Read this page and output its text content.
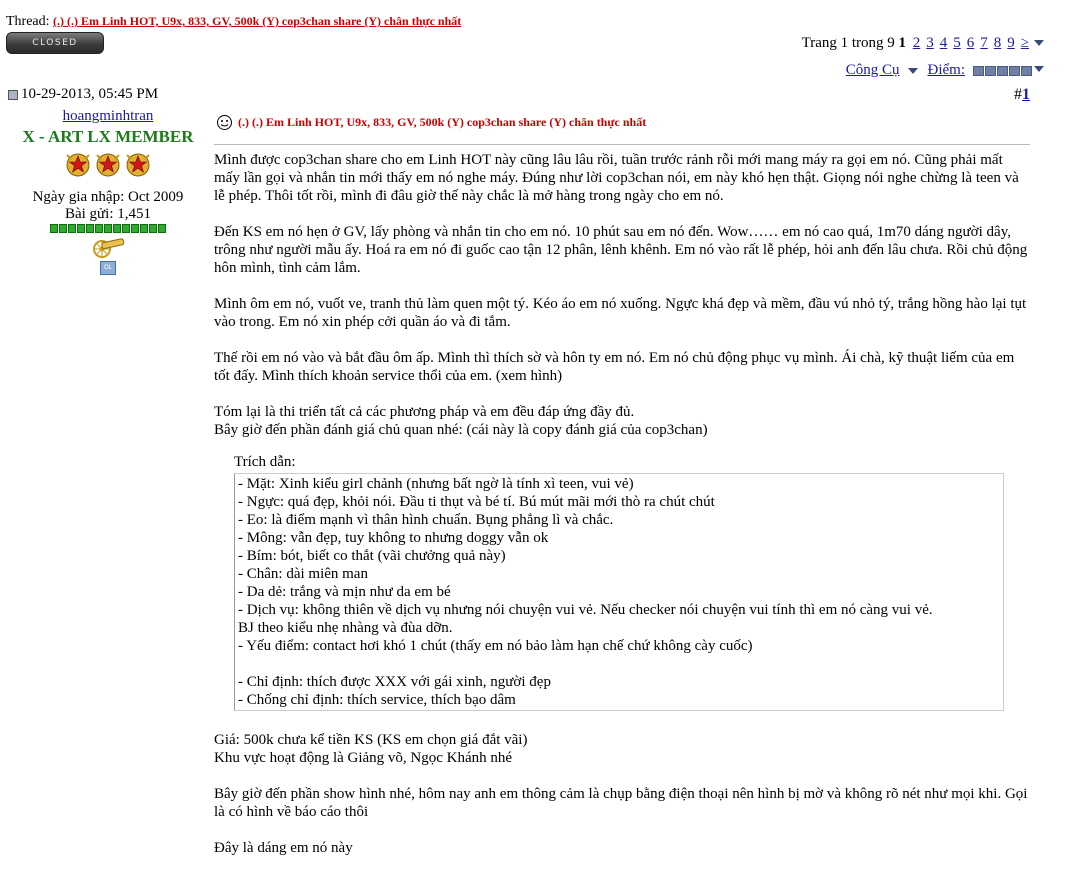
Thread: (.) (.) Em Linh HOT, U9x, 833, GV, 500k (Y) cop3chan share (Y) chân thực nhất
CLOSED	Trang 1 trong 9 1 2 3 4 5 6 7 8 9 ≥
Công Cụ Điểm:
10-29-2013, 05:45 PM	#1
hoangminhtran
X - ART LX MEMBER
Ngày gia nhập: Oct 2009
Bài gửi: 1,451
OL
(.) (.) Em Linh HOT, U9x, 833, GV, 500k (Y) cop3chan share (Y) chân thực nhất

Mình được cop3chan share cho em Linh HOT này cũng lâu lâu rồi, tuần trước rảnh rỗi mới mang máy ra gọi em nó. Cũng phải mất mấy lần gọi và nhắn tin mới thấy em nó nghe máy. Đúng như lời cop3chan nói, em này khó hẹn thật. Giọng nói nghe chừng là teen và lễ phép. Thôi tốt rồi, mình đi đâu giờ thế này chắc là mở hàng trong ngày cho em nó.

Đến KS em nó hẹn ở GV, lấy phòng và nhắn tin cho em nó. 10 phút sau em nó đến. Wow…… em nó cao quá, 1m70 dáng người dây, trông như người mẫu ấy. Hoá ra em nó đi guốc cao tận 12 phân, lênh khênh. Em nó vào rất lễ phép, hỏi anh đến lâu chưa. Rồi chủ động hôn mình, tình cảm lắm.

Mình ôm em nó, vuốt ve, tranh thủ làm quen một tý. Kéo áo em nó xuống. Ngực khá đẹp và mềm, đầu vú nhỏ tý, trắng hồng hào lại tụt vào trong. Em nó xin phép cởi quần áo và đi tắm.

Thế rồi em nó vào và bắt đầu ôm ấp. Mình thì thích sờ và hôn ty em nó. Em nó chủ động phục vụ mình. Ái chà, kỹ thuật liếm của em tốt đấy. Mình thích khoản service thổi của em. (xem hình)

Tóm lại là thi triển tất cả các phương pháp và em đều đáp ứng đầy đủ.

Bây giờ đến phần đánh giá chủ quan nhé: (cái này là copy đánh giá của cop3chan)

Trích dẫn:
- Mặt: Xinh kiểu girl chảnh (nhưng bất ngờ là tính xì teen, vui vẻ)
- Ngực: quá đẹp, khỏi nói. Đầu ti thụt và bé tí. Bú mút mãi mới thò ra chút chút
- Eo: là điểm mạnh vì thân hình chuẩn. Bụng phẳng lì và chắc.
- Mông: vẫn đẹp, tuy không to nhưng doggy vẫn ok
- Bím: bót, biết co thắt (vãi chưởng quả này)
- Chân: dài miên man
- Da dẻ: trắng và mịn như da em bé
- Dịch vụ: không thiên về dịch vụ nhưng nói chuyện vui vẻ. Nếu checker nói chuyện vui tính thì em nó càng vui vẻ.
BJ theo kiểu nhẹ nhàng và đùa dỡn.
- Yếu điểm: contact hơi khó 1 chút (thấy em nó bảo làm hạn chế chứ không cày cuốc)
- Chỉ định: thích được XXX với gái xinh, người đẹp
- Chống chỉ định: thích service, thích bạo dâm

Giá: 500k chưa kể tiền KS (KS em chọn giá đắt vãi)

Khu vực hoạt động là Giảng võ, Ngọc Khánh nhé

Bây giờ đến phần show hình nhé, hôm nay anh em thông cảm là chụp bằng điện thoại nên hình bị mờ và không rõ nét như mọi khi. Gọi là có hình về báo cáo thôi

Đây là dáng em nó này
